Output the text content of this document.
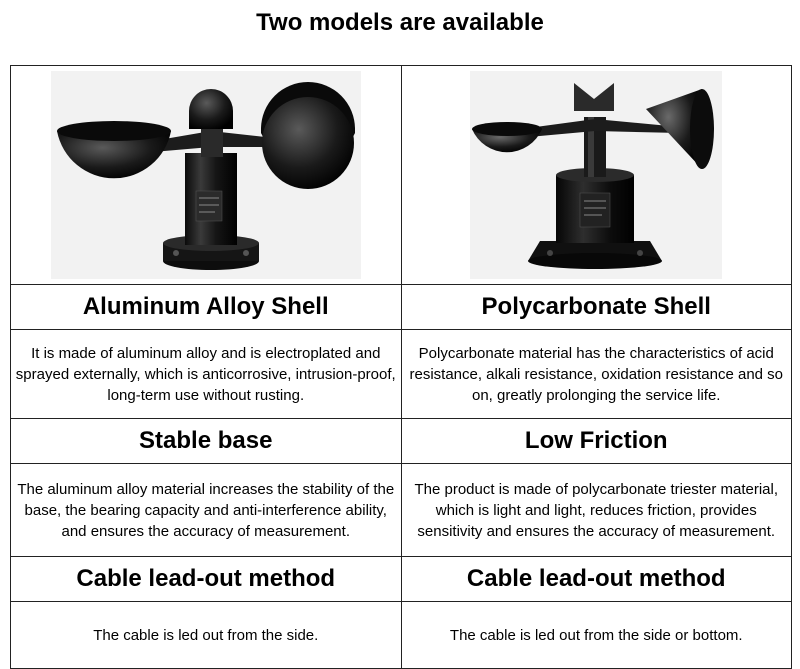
Two models are available

Aluminum Alloy Shell	Polycarbonate Shell
It is made of aluminum alloy and is electroplated and sprayed externally, which is anticorrosive, intrusion-proof, long-term use without rusting.	Polycarbonate material has the characteristics of acid resistance, alkali resistance, oxidation resistance and so on, greatly prolonging the service life.
Stable base	Low Friction
The aluminum alloy material increases the stability of the base, the bearing capacity and anti-interference ability, and ensures the accuracy of measurement.	The product is made of polycarbonate triester material, which is light and light, reduces friction, provides sensitivity and ensures the accuracy of measurement.
Cable lead-out method	Cable lead-out method
The cable is led out from the side.	The cable is led out from the side or bottom.
